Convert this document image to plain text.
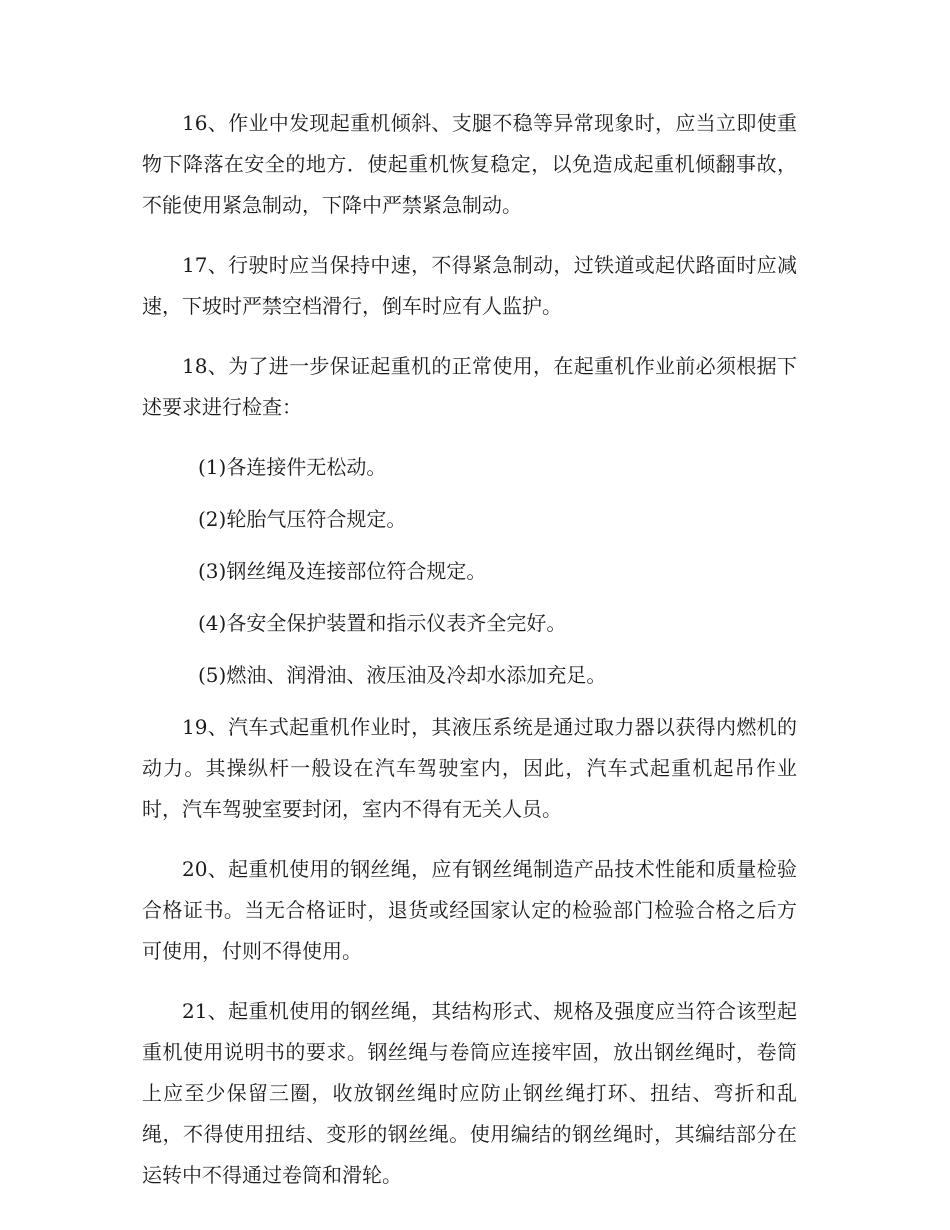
16、作业中发现起重机倾斜、支腿不稳等异常现象时，应当立即使重物下降落在安全的地方．使起重机恢复稳定，以免造成起重机倾翻事故，不能使用紧急制动，下降中严禁紧急制动。

17、行驶时应当保持中速，不得紧急制动，过铁道或起伏路面时应减速，下坡时严禁空档滑行，倒车时应有人监护。

18、为了进一步保证起重机的正常使用，在起重机作业前必须根据下述要求进行检查：

(1)各连接件无松动。
(2)轮胎气压符合规定。
(3)钢丝绳及连接部位符合规定。
(4)各安全保护装置和指示仪表齐全完好。
(5)燃油、润滑油、液压油及冷却水添加充足。

19、汽车式起重机作业时，其液压系统是通过取力器以获得内燃机的动力。其操纵杆一般设在汽车驾驶室内，因此，汽车式起重机起吊作业时，汽车驾驶室要封闭，室内不得有无关人员。

20、起重机使用的钢丝绳，应有钢丝绳制造产品技术性能和质量检验合格证书。当无合格证时，退货或经国家认定的检验部门检验合格之后方可使用，付则不得使用。

21、起重机使用的钢丝绳，其结构形式、规格及强度应当符合该型起重机使用说明书的要求。钢丝绳与卷筒应连接牢固，放出钢丝绳时，卷筒上应至少保留三圈，收放钢丝绳时应防止钢丝绳打环、扭结、弯折和乱绳，不得使用扭结、变形的钢丝绳。使用编结的钢丝绳时，其编结部分在运转中不得通过卷筒和滑轮。
